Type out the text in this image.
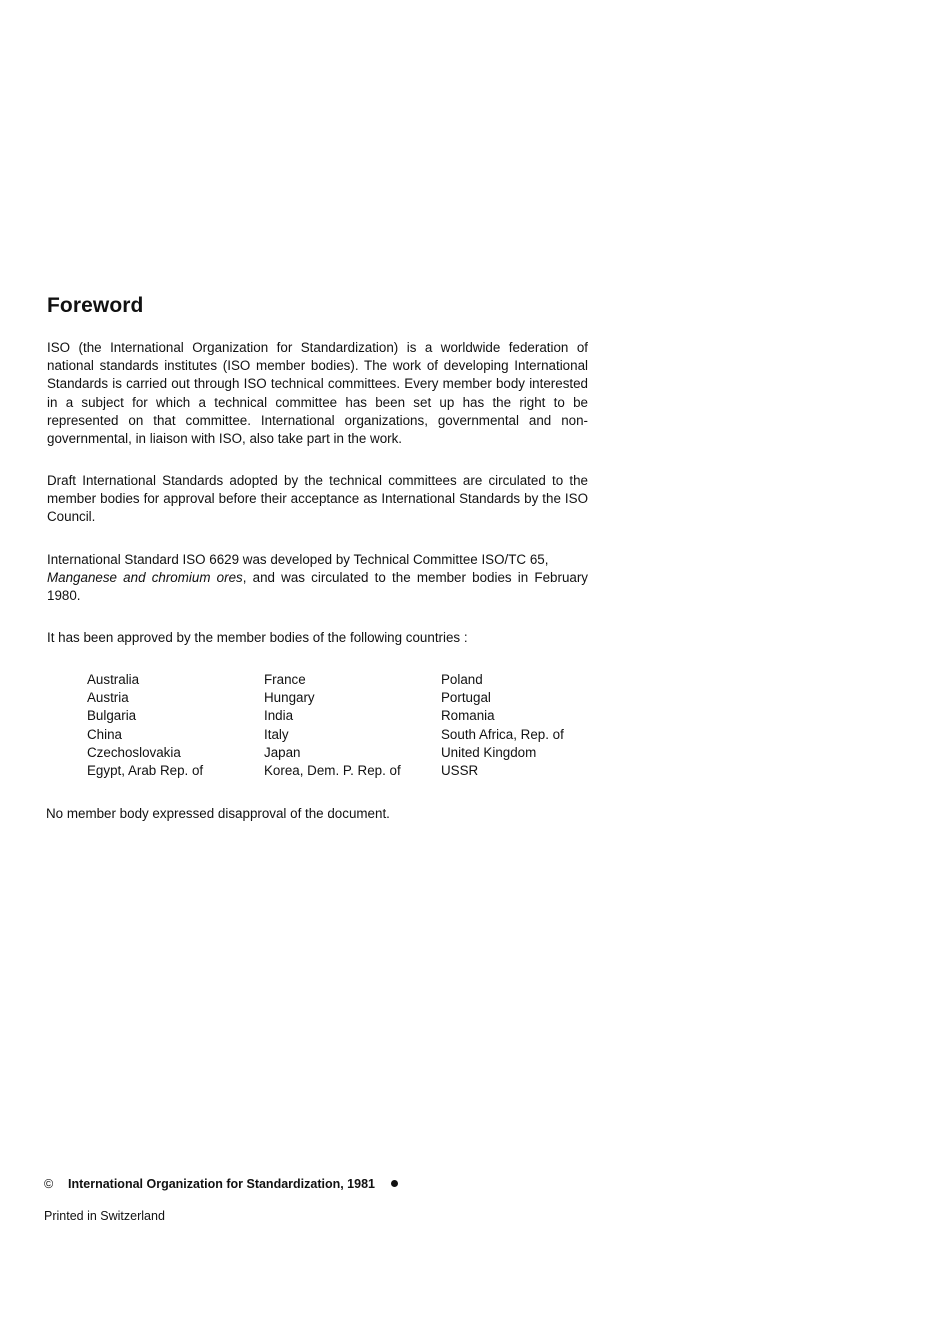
Foreword

ISO (the International Organization for Standardization) is a worldwide federation of national standards institutes (ISO member bodies). The work of developing International Standards is carried out through ISO technical committees. Every member body interested in a subject for which a technical committee has been set up has the right to be represented on that committee. International organizations, governmental and non-governmental, in liaison with ISO, also take part in the work.

Draft International Standards adopted by the technical committees are circulated to the member bodies for approval before their acceptance as International Standards by the ISO Council.

International Standard ISO 6629 was developed by Technical Committee ISO/TC 65,
Manganese and chromium ores, and was circulated to the member bodies in February 1980.

It has been approved by the member bodies of the following countries :

Australia
Austria
Bulgaria
China
Czechoslovakia
Egypt, Arab Rep. of
France
Hungary
India
Italy
Japan
Korea, Dem. P. Rep. of
Poland
Portugal
Romania
South Africa, Rep. of
United Kingdom
USSR

No member body expressed disapproval of the document.

© International Organization for Standardization, 1981
Printed in Switzerland
